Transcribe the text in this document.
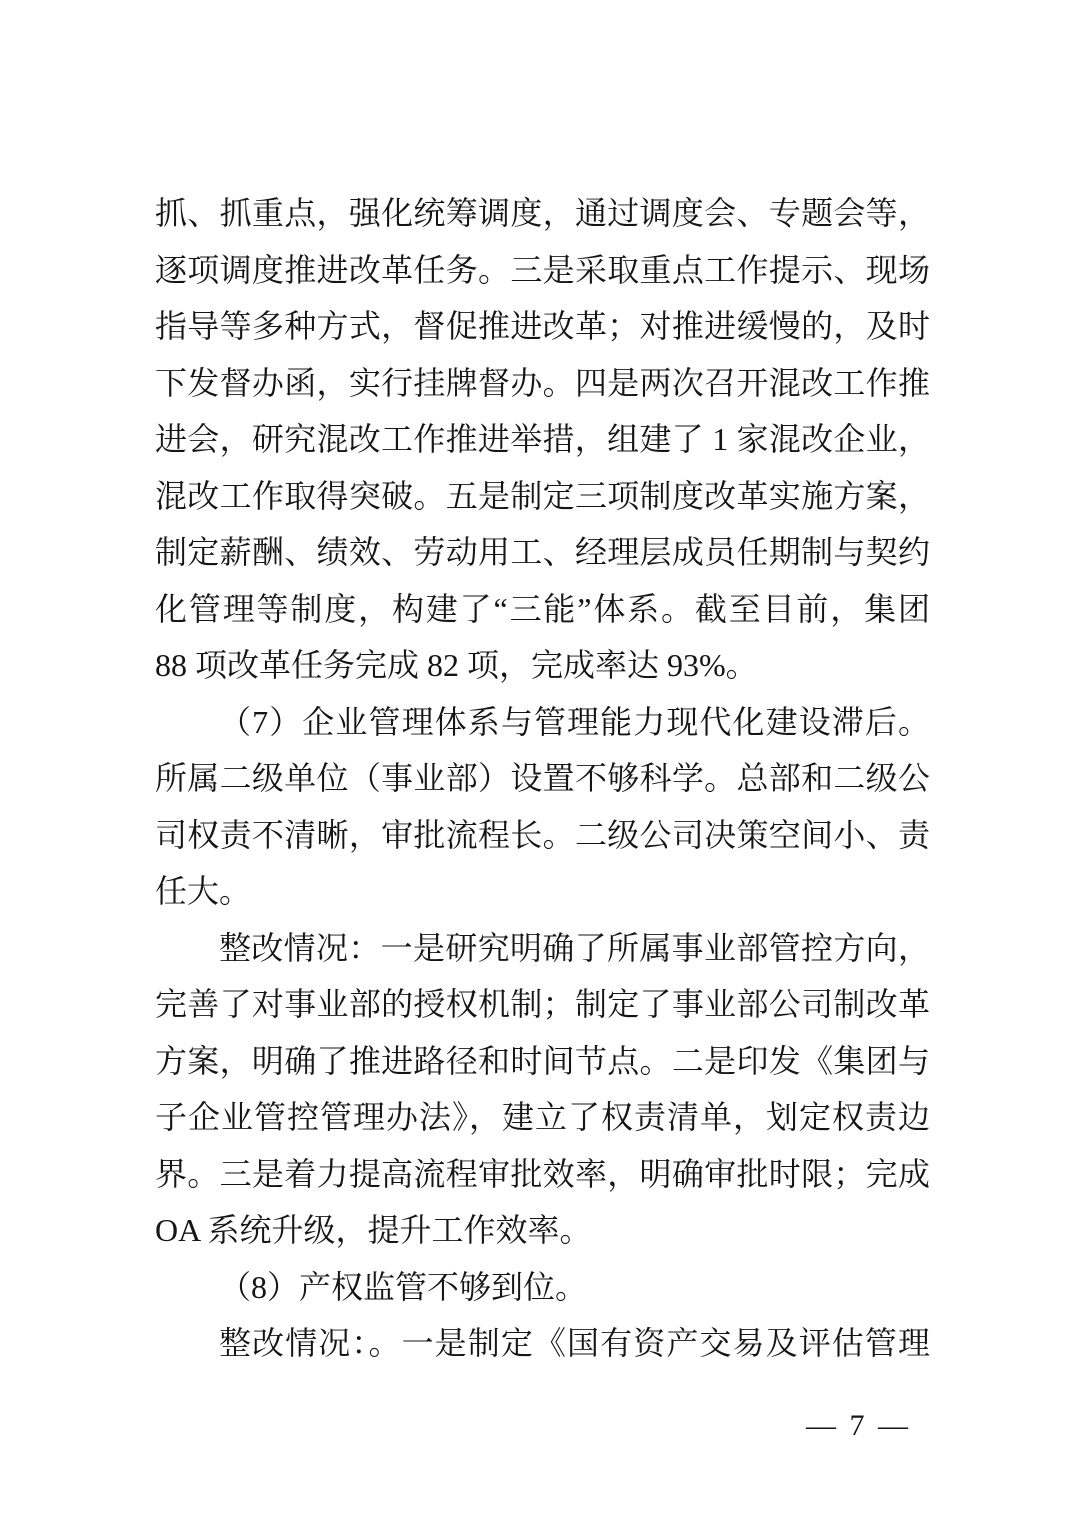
抓、抓重点，强化统筹调度，通过调度会、专题会等，

逐项调度推进改革任务。三是采取重点工作提示、现场

指导等多种方式，督促推进改革；对推进缓慢的，及时

下发督办函，实行挂牌督办。四是两次召开混改工作推

进会，研究混改工作推进举措，组建了 1 家混改企业，

混改工作取得突破。五是制定三项制度改革实施方案，

制定薪酬、绩效、劳动用工、经理层成员任期制与契约

化管理等制度，构建了“三能”体系。截至目前，集团

88 项改革任务完成 82 项，完成率达 93%。

（7）企业管理体系与管理能力现代化建设滞后。

所属二级单位（事业部）设置不够科学。总部和二级公

司权责不清晰，审批流程长。二级公司决策空间小、责

任大。

整改情况：一是研究明确了所属事业部管控方向，

完善了对事业部的授权机制；制定了事业部公司制改革

方案，明确了推进路径和时间节点。二是印发《集团与

子企业管控管理办法》，建立了权责清单，划定权责边

界。三是着力提高流程审批效率，明确审批时限；完成

OA 系统升级，提升工作效率。

（8）产权监管不够到位。

整改情况：。一是制定《国有资产交易及评估管理

— 7 —
